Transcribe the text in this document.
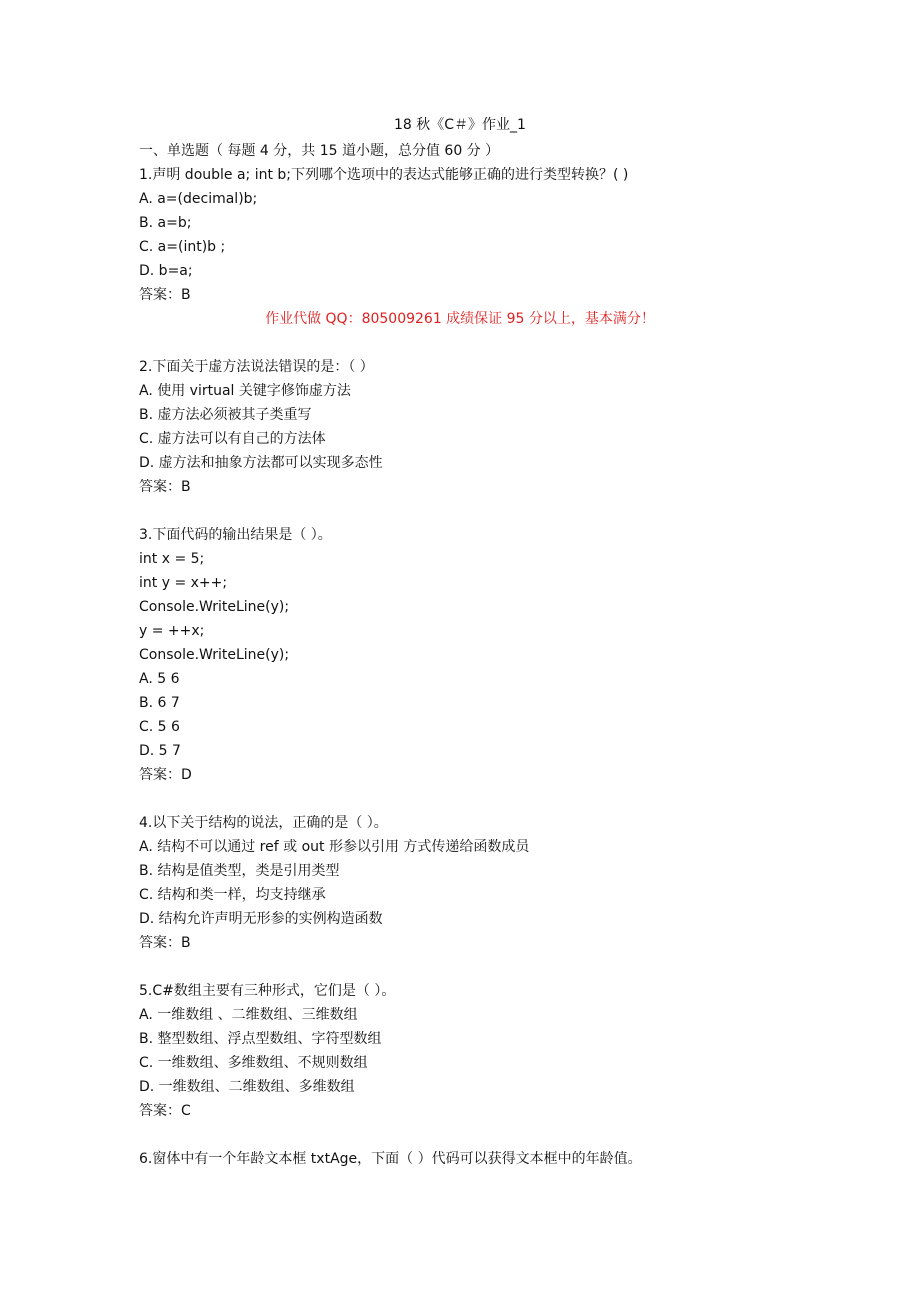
18 秋《C＃》作业_1
一、单选题（ 每题 4 分，共 15 道小题，总分值 60 分 ）
1.声明 double a; int b;下列哪个选项中的表达式能够正确的进行类型转换？( )
A. a=(decimal)b;
B. a=b;
C. a=(int)b ;
D. b=a;
答案：B
作业代做 QQ：805009261 成绩保证 95 分以上，基本满分！
2.下面关于虚方法说法错误的是：（ ）
A. 使用 virtual 关键字修饰虚方法
B. 虚方法必须被其子类重写
C. 虚方法可以有自己的方法体
D. 虚方法和抽象方法都可以实现多态性
答案：B
3.下面代码的输出结果是（ ）。
int x = 5;
int y = x++;
Console.WriteLine(y);
y = ++x;
Console.WriteLine(y);
A. 5 6
B. 6 7
C. 5 6
D. 5 7
答案：D
4.以下关于结构的说法，正确的是（ ）。
A. 结构不可以通过 ref 或 out 形参以引用 方式传递给函数成员
B. 结构是值类型，类是引用类型
C. 结构和类一样，均支持继承
D. 结构允许声明无形参的实例构造函数
答案：B
5.C#数组主要有三种形式，它们是（ ）。
A. 一维数组 、二维数组、三维数组
B. 整型数组、浮点型数组、字符型数组
C. 一维数组、多维数组、不规则数组
D. 一维数组、二维数组、多维数组
答案：C
6.窗体中有一个年龄文本框 txtAge，下面（ ）代码可以获得文本框中的年龄值。
